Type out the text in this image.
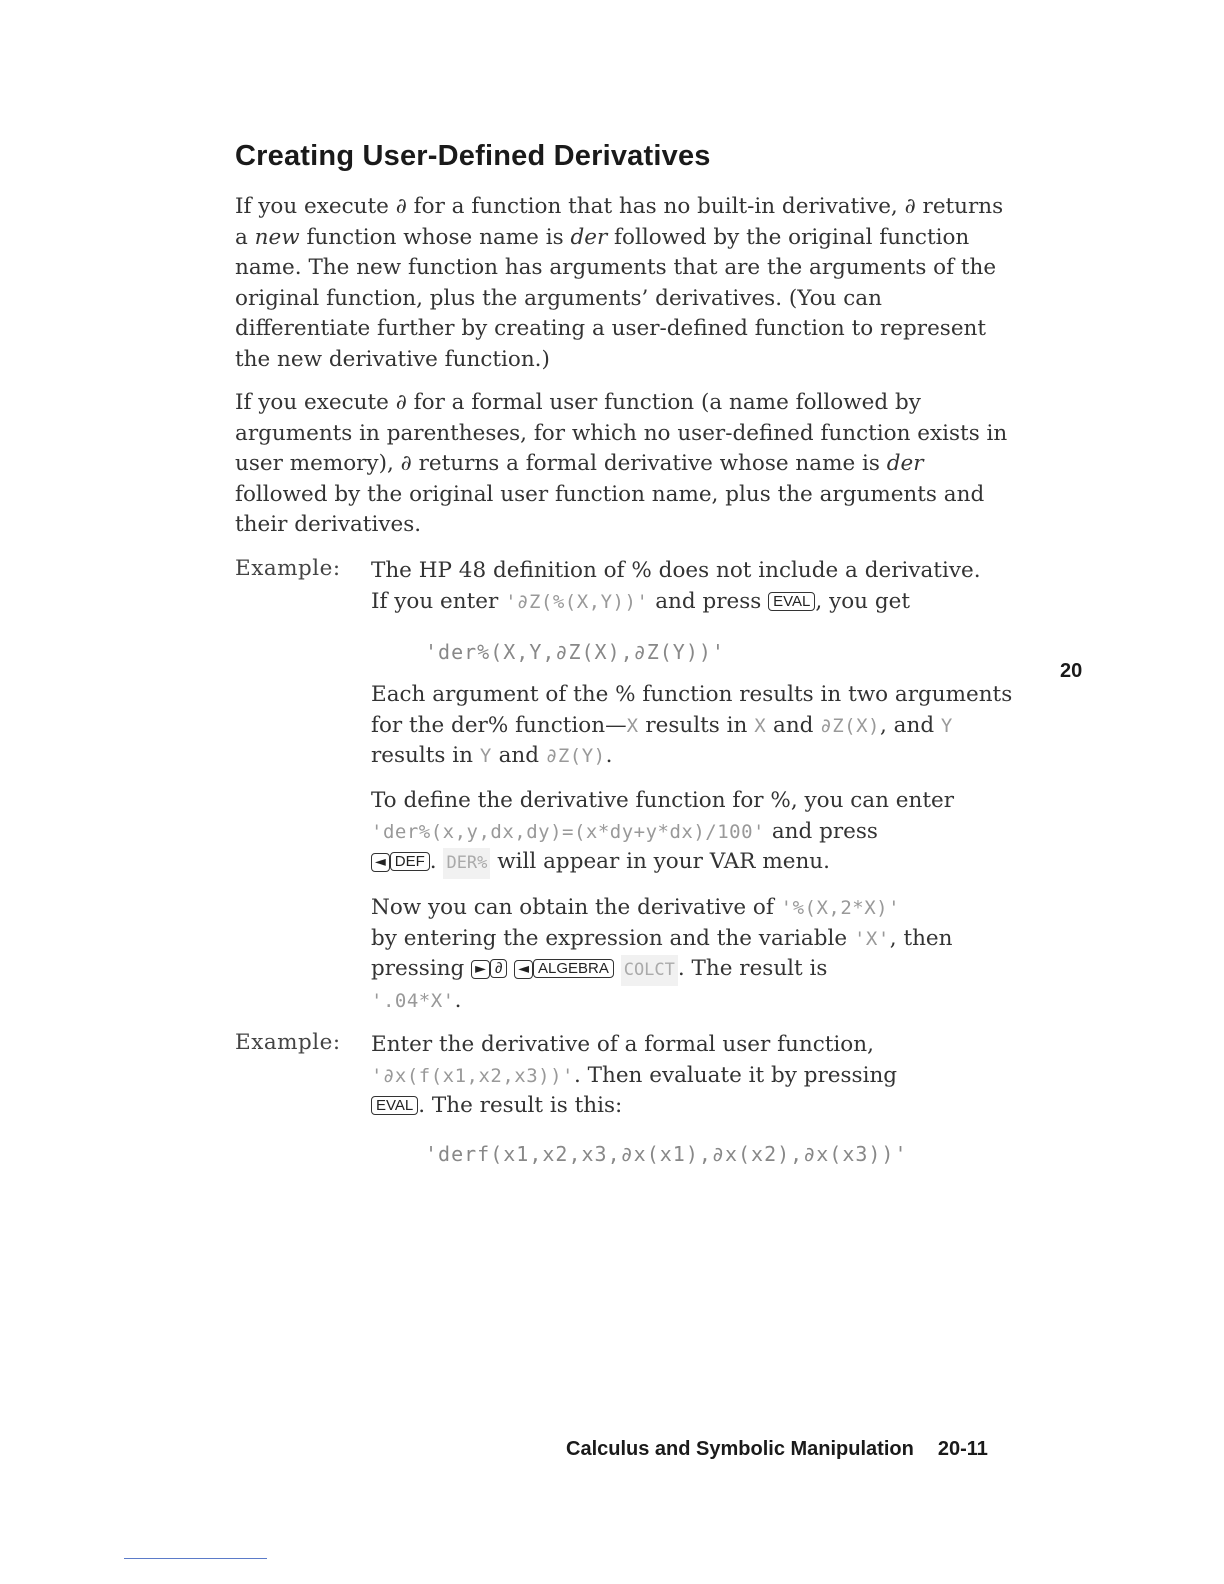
Creating User-Defined Derivatives
If you execute ∂ for a function that has no built-in derivative, ∂ returns a new function whose name is der followed by the original function name. The new function has arguments that are the arguments of the original function, plus the arguments’ derivatives. (You can differentiate further by creating a user-defined function to represent the new derivative function.)
If you execute ∂ for a formal user function (a name followed by arguments in parentheses, for which no user-defined function exists in user memory), ∂ returns a formal derivative whose name is der followed by the original user function name, plus the arguments and their derivatives.
Example: The HP 48 definition of % does not include a derivative.
If you enter '∂Z(%(X,Y))' and press EVAL , you get
'der%(X,Y,∂Z(X),∂Z(Y))'
20
Each argument of the % function results in two arguments for the der% function—X results in X and ∂Z(X), and Y results in Y and ∂Z(Y).
To define the derivative function for %, you can enter
'der%(x,y,dx,dy)=(x*dy+y*dx)/100' and press
◄ DEF . DER% will appear in your VAR menu.
Now you can obtain the derivative of '%(X,2*X)'
by entering the expression and the variable 'X', then pressing ► ∂ ◄ ALGEBRA COLCT . The result is
'.04*X'.
Example: Enter the derivative of a formal user function,
'∂x(f(x1,x2,x3))'. Then evaluate it by pressing
EVAL . The result is this:
'derf(x1,x2,x3,∂x(x1),∂x(x2),∂x(x3))'
Calculus and Symbolic Manipulation 20-11
